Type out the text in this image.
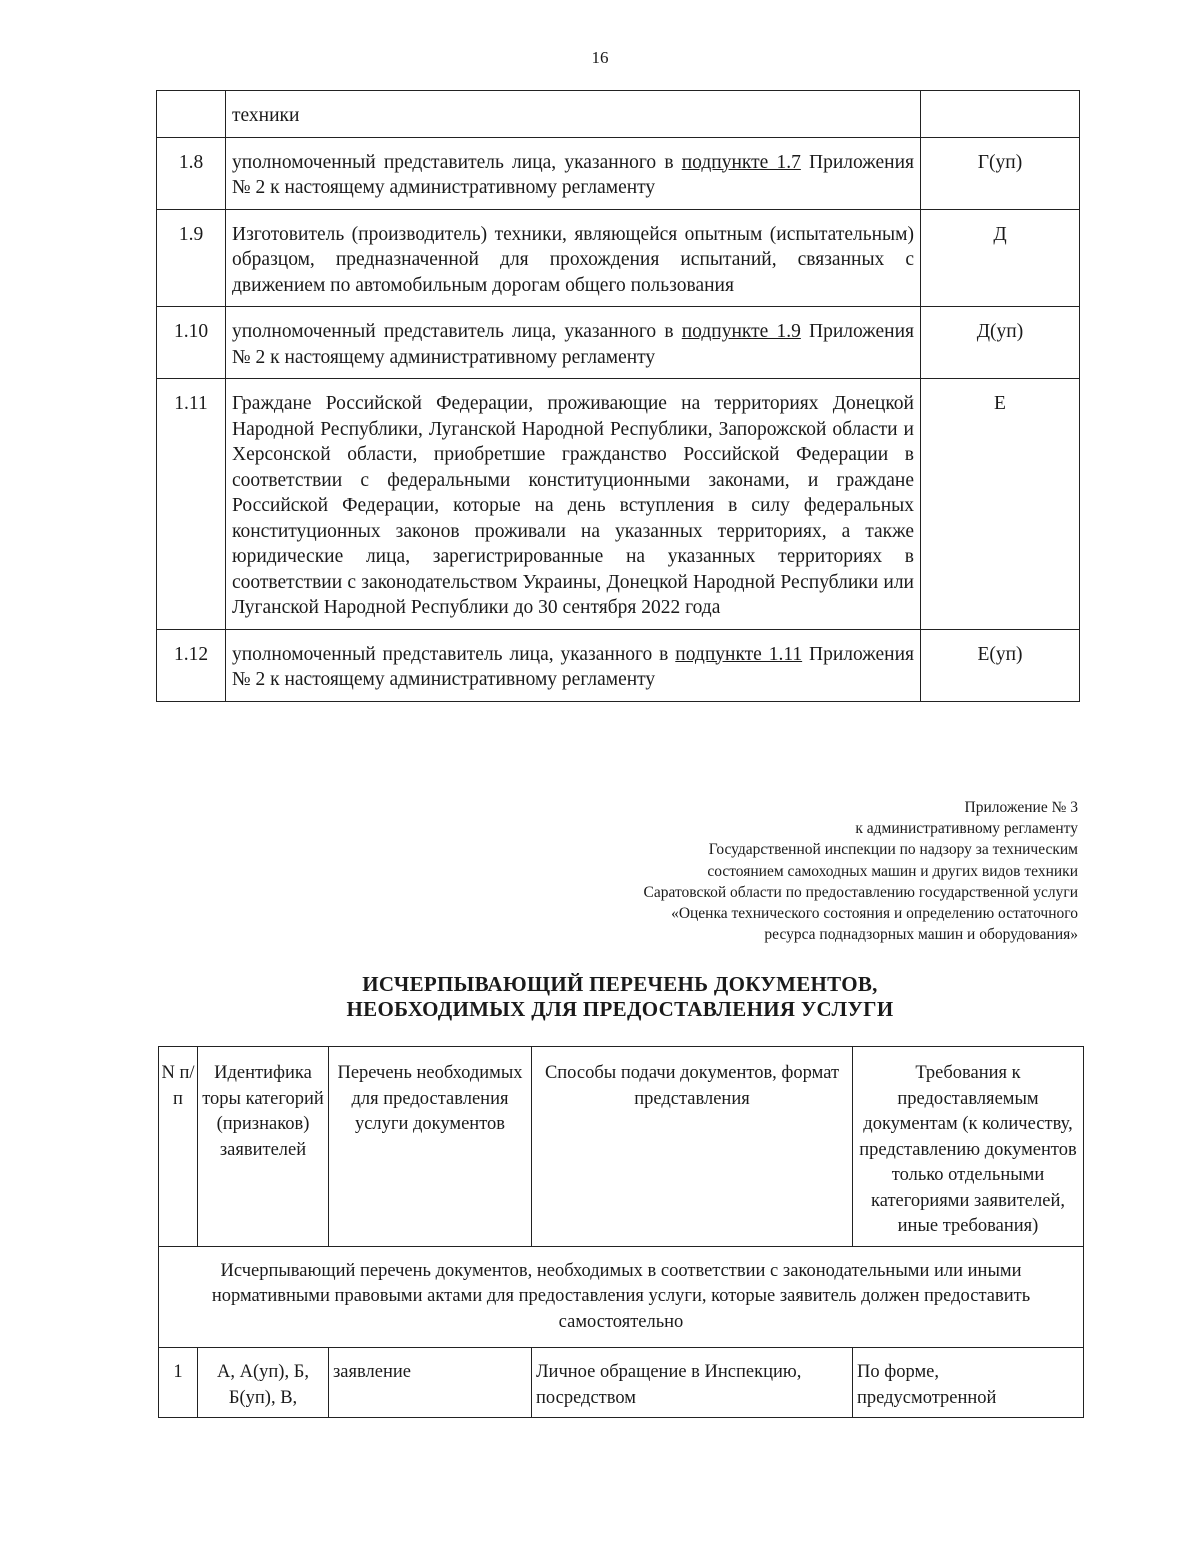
16
	техники	
1.8	уполномоченный представитель лица, указанного в подпункте 1.7 Приложения № 2 к настоящему административному регламенту	Г(уп)
1.9	Изготовитель (производитель) техники, являющейся опытным (испытательным) образцом, предназначенной для прохождения испытаний, связанных с движением по автомобильным дорогам общего пользования	Д
1.10	уполномоченный представитель лица, указанного в подпункте 1.9 Приложения № 2 к настоящему административному регламенту	Д(уп)
1.11	Граждане Российской Федерации, проживающие на территориях Донецкой Народной Республики, Луганской Народной Республики, Запорожской области и Херсонской области, приобретшие гражданство Российской Федерации в соответствии с федеральными конституционными законами, и граждане Российской Федерации, которые на день вступления в силу федеральных конституционных законов проживали на указанных территориях, а также юридические лица, зарегистрированные на указанных территориях в соответствии с законодательством Украины, Донецкой Народной Республики или Луганской Народной Республики до 30 сентября 2022 года	Е
1.12	уполномоченный представитель лица, указанного в подпункте 1.11 Приложения № 2 к настоящему административному регламенту	Е(уп)
Приложение № 3
к административному регламенту
Государственной инспекции по надзору за техническим
состоянием самоходных машин и других видов техники
Саратовской области по предоставлению государственной услуги
«Оценка технического состояния и определению остаточного
ресурса поднадзорных машин и оборудования»
ИСЧЕРПЫВАЮЩИЙ ПЕРЕЧЕНЬ ДОКУМЕНТОВ,
НЕОБХОДИМЫХ ДЛЯ ПРЕДОСТАВЛЕНИЯ УСЛУГИ
N п/п	Идентифика торы категорий (признаков) заявителей	Перечень необходимых для предоставления услуги документов	Способы подачи документов, формат представления	Требования к предоставляемым документам (к количеству, представлению документов только отдельными категориями заявителей, иные требования)
Исчерпывающий перечень документов, необходимых в соответствии с законодательными или иными нормативными правовыми актами для предоставления услуги, которые заявитель должен предоставить самостоятельно				
1	А, А(уп), Б, Б(уп), В,	заявление	Личное обращение в Инспекцию, посредством	По форме, предусмотренной
